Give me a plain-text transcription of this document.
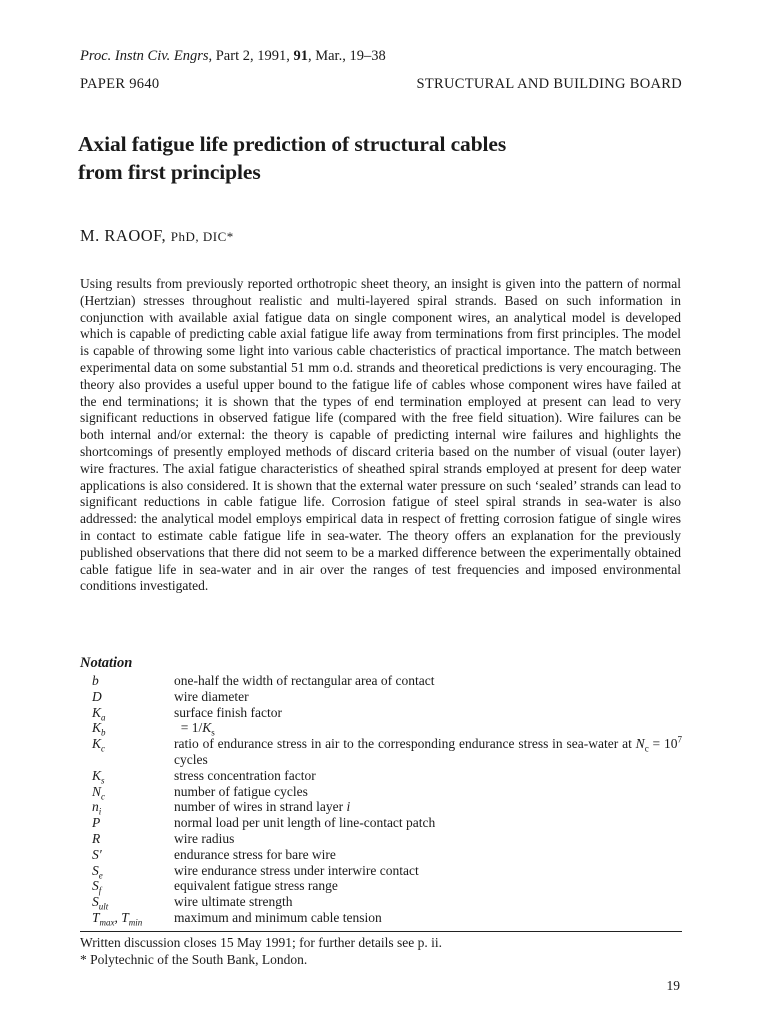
Proc. Instn Civ. Engrs, Part 2, 1991, 91, Mar., 19–38
PAPER 9640	STRUCTURAL AND BUILDING BOARD
Axial fatigue life prediction of structural cables
from first principles
M. RAOOF, PhD, DIC*
Using results from previously reported orthotropic sheet theory, an insight is given into the pattern of normal (Hertzian) stresses throughout realistic and multi-layered spiral strands. Based on such information in conjunction with available axial fatigue data on single component wires, an analytical model is developed which is capable of predicting cable axial fatigue life away from terminations from first principles. The model is capable of throwing some light into various cable chacteristics of practical importance. The match between experimental data on some substantial 51 mm o.d. strands and theoretical predictions is very encouraging. The theory also provides a useful upper bound to the fatigue life of cables whose component wires have failed at the end terminations; it is shown that the types of end termination employed at present can lead to very significant reductions in observed fatigue life (compared with the free field situation). Wire failures can be both internal and/or external: the theory is capable of predicting internal wire failures and highlights the shortcomings of presently employed methods of discard criteria based on the number of visual (outer layer) wire fractures. The axial fatigue characteristics of sheathed spiral strands employed at present for deep water applications is also considered. It is shown that the external water pressure on such ‘sealed’ strands can lead to significant reductions in cable fatigue life. Corrosion fatigue of steel spiral strands in sea-water is also addressed: the analytical model employs empirical data in respect of fretting corrosion fatigue of single wires in contact to estimate cable fatigue life in sea-water. The theory offers an explanation for the previously published observations that there did not seem to be a marked difference between the experimentally obtained cable fatigue life in sea-water and in air over the ranges of test frequencies and imposed environmental conditions investigated.
Notation
b	one-half the width of rectangular area of contact
D	wire diameter
$K_a$	surface finish factor
$K_b$	= $1/K_s$
$K_c$	ratio of endurance stress in air to the corresponding endurance stress in sea-water at $N_c = 10^7$ cycles
$K_s$	stress concentration factor
$N_c$	number of fatigue cycles
$n_i$	number of wires in strand layer i
P	normal load per unit length of line-contact patch
R	wire radius
S′	endurance stress for bare wire
$S_e$	wire endurance stress under interwire contact
$S_f$	equivalent fatigue stress range
$S_{ult}$	wire ultimate strength
$T_{max}$, $T_{min}$ maximum and minimum cable tension
Written discussion closes 15 May 1991; for further details see p. ii.
* Polytechnic of the South Bank, London.
19
